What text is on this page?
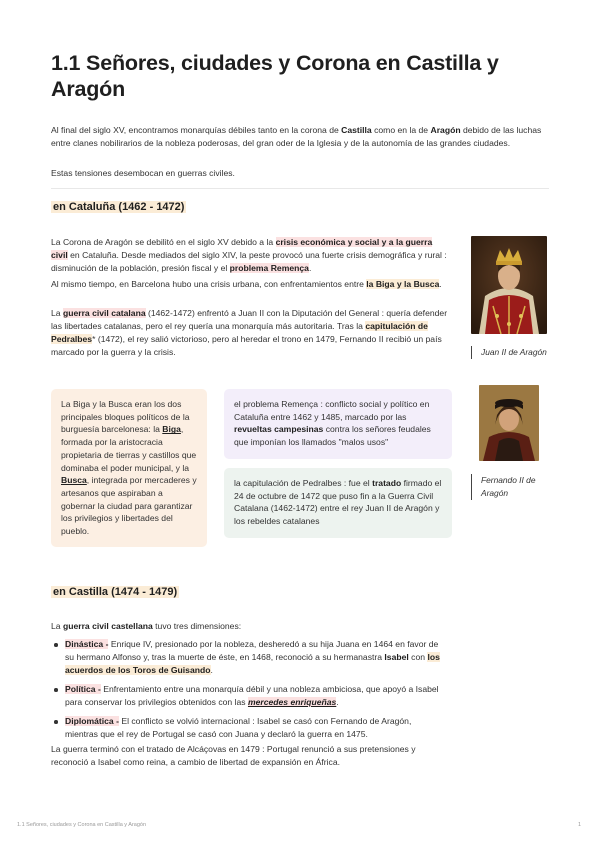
1.1 Señores, ciudades y Corona en Castilla y Aragón
Al final del siglo XV, encontramos monarquías débiles tanto en la corona de Castilla como en la de Aragón debido de las luchas entre clanes nobilirarios de la nobleza poderosas, del gran oder de la Iglesia y de la autonomía de las grandes ciudades.
Estas tensiones desembocan en guerras civiles.
en Cataluña (1462 - 1472)
La Corona de Aragón se debilitó en el siglo XV debido a la crisis económica y social y a la guerra civil en Cataluña. Desde mediados del siglo XIV, la peste provocó una fuerte crisis demográfica y rural : disminución de la población, presión fiscal y el problema Remença.
Al mismo tiempo, en Barcelona hubo una crisis urbana, con enfrentamientos entre la Biga y la Busca.
La guerra civil catalana (1462-1472) enfrentó a Juan II con la Diputación del General : quería defender las libertades catalanas, pero el rey quería una monarquía más autoritaria. Tras la capitulación de Pedralbes* (1472), el rey salió victorioso, pero al heredar el trono en 1479, Fernando II recibió un país marcado por la guerra y la crisis.	Juan II de Aragón
Fernando II de Aragón
La Biga y la Busca eran los dos principales bloques políticos de la burguesía barcelonesa: la Biga, formada por la aristocracia propietaria de tierras y castillos que dominaba el poder municipal, y la Busca, integrada por mercaderes y artesanos que aspiraban a gobernar la ciudad para garantizar los privilegios y libertades del pueblo.
el problema Remença : conflicto social y político en Cataluña entre 1462 y 1485, marcado por las revueltas campesinas contra los señores feudales que imponían los llamados "malos usos"
la capitulación de Pedralbes : fue el tratado firmado el 24 de octubre de 1472 que puso fin a la Guerra Civil Catalana (1462-1472) entre el rey Juan II de Aragón y los rebeldes catalanes
en Castilla (1474 - 1479)
La guerra civil castellana tuvo tres dimensiones:
Dinástica - Enrique IV, presionado por la nobleza, desheredó a su hija Juana en 1464 en favor de su hermano Alfonso y, tras la muerte de éste, en 1468, reconoció a su hermanastra Isabel con los acuerdos de los Toros de Guisando.
Política - Enfrentamiento entre una monarquía débil y una nobleza ambiciosa, que apoyó a Isabel para conservar los privilegios obtenidos con las mercedes enriqueñas.
Diplomática - El conflicto se volvió internacional : Isabel se casó con Fernando de Aragón, mientras que el rey de Portugal se casó con Juana y declaró la guerra en 1475.
La guerra terminó con el tratado de Alcáçovas en 1479 : Portugal renunció a sus pretensiones y reconoció a Isabel como reina, a cambio de libertad de expansión en África.
1.1 Señores, ciudades y Corona en Castilla y Aragón	1
